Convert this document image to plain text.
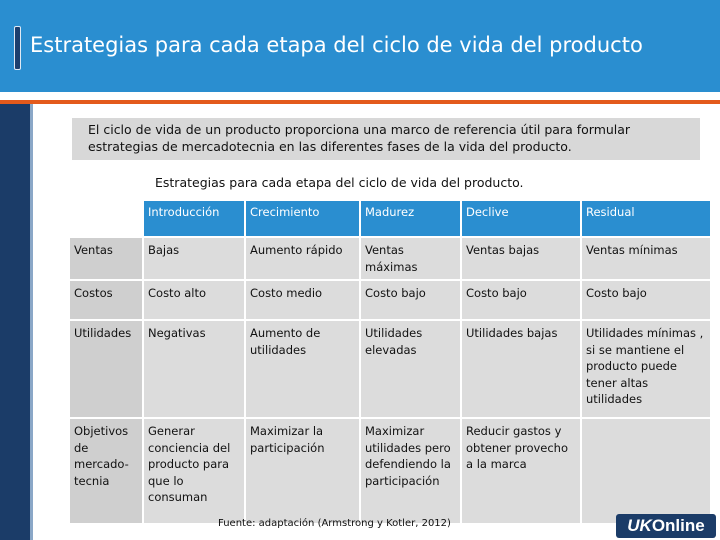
Estrategias para cada etapa del ciclo de vida del producto
El ciclo de vida de un producto proporciona una marco de referencia útil para formular estrategias de mercadotecnia en las diferentes fases de la vida del producto.
Estrategias para cada etapa del ciclo de vida del producto.
	Introducción	Crecimiento	Madurez	Declive	Residual
Ventas	Bajas	Aumento rápido	Ventas máximas	Ventas bajas	Ventas mínimas
Costos	Costo alto	Costo medio	Costo bajo	Costo bajo	Costo bajo
Utilidades	Negativas	Aumento de utilidades	Utilidades elevadas	Utilidades bajas	Utilidades mínimas , si se mantiene el producto puede tener altas utilidades
Objetivos de mercado-tecnia	Generar conciencia del producto para que lo consuman	Maximizar la participación	Maximizar utilidades pero defendiendo la participación	Reducir gastos y obtener provecho a la marca	
Fuente: adaptación (Armstrong y Kotler, 2012)	UKOnline
